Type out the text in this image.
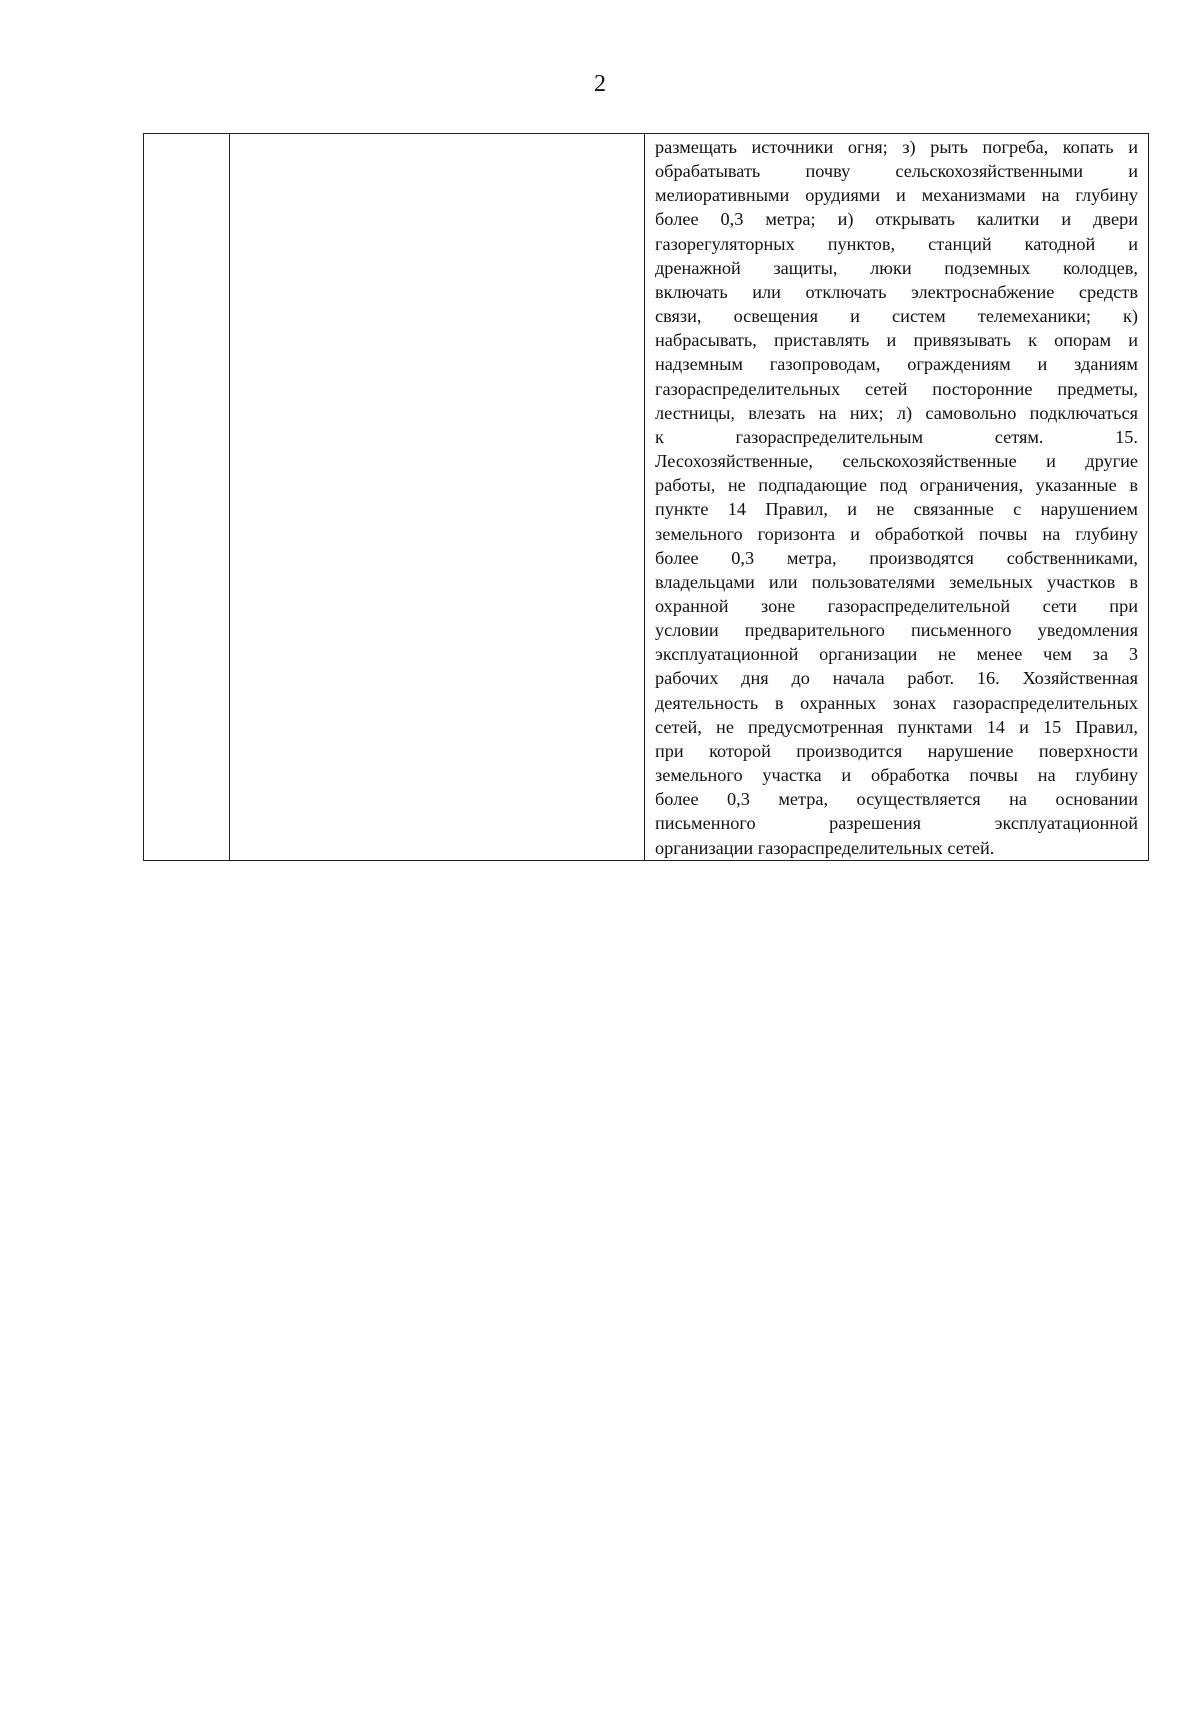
2

размещать источники огня; з) рыть погреба, копать и
обрабатывать почву сельскохозяйственными и
мелиоративными орудиями и механизмами на глубину
более 0,3 метра; и) открывать калитки и двери
газорегуляторных пунктов, станций катодной и
дренажной защиты, люки подземных колодцев,
включать или отключать электроснабжение средств
связи, освещения и систем телемеханики; к)
набрасывать, приставлять и привязывать к опорам и
надземным газопроводам, ограждениям и зданиям
газораспределительных сетей посторонние предметы,
лестницы, влезать на них; л) самовольно подключаться
к газораспределительным сетям. 15.
Лесохозяйственные, сельскохозяйственные и другие
работы, не подпадающие под ограничения, указанные в
пункте 14 Правил, и не связанные с нарушением
земельного горизонта и обработкой почвы на глубину
более 0,3 метра, производятся собственниками,
владельцами или пользователями земельных участков в
охранной зоне газораспределительной сети при
условии предварительного письменного уведомления
эксплуатационной организации не менее чем за 3
рабочих дня до начала работ. 16. Хозяйственная
деятельность в охранных зонах газораспределительных
сетей, не предусмотренная пунктами 14 и 15 Правил,
при которой производится нарушение поверхности
земельного участка и обработка почвы на глубину
более 0,3 метра, осуществляется на основании
письменного разрешения эксплуатационной
организации газораспределительных сетей.
